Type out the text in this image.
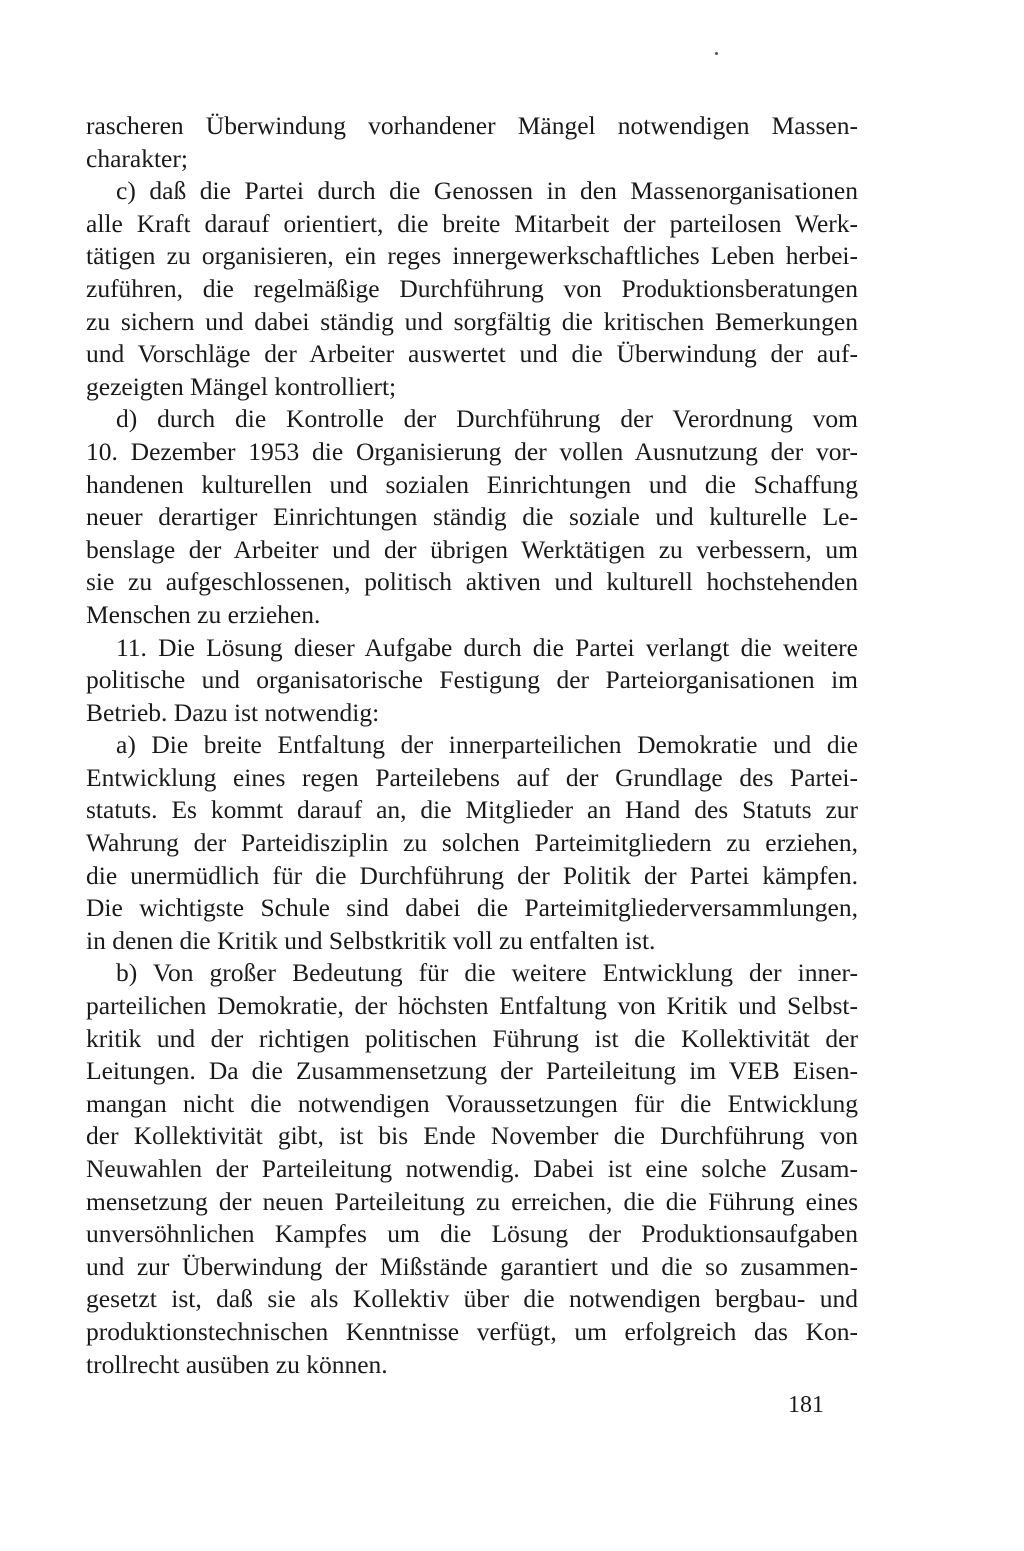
rascheren Überwindung vorhandener Mängel notwendigen Massen-
charakter;
c) daß die Partei durch die Genossen in den Massenorganisationen
alle Kraft darauf orientiert, die breite Mitarbeit der parteilosen Werk-
tätigen zu organisieren, ein reges innergewerkschaftliches Leben herbei-
zuführen, die regelmäßige Durchführung von Produktionsberatungen
zu sichern und dabei ständig und sorgfältig die kritischen Bemerkungen
und Vorschläge der Arbeiter auswertet und die Überwindung der auf-
gezeigten Mängel kontrolliert;
d) durch die Kontrolle der Durchführung der Verordnung vom
10. Dezember 1953 die Organisierung der vollen Ausnutzung der vor-
handenen kulturellen und sozialen Einrichtungen und die Schaffung
neuer derartiger Einrichtungen ständig die soziale und kulturelle Le-
benslage der Arbeiter und der übrigen Werktätigen zu verbessern, um
sie zu aufgeschlossenen, politisch aktiven und kulturell hochstehenden
Menschen zu erziehen.
11. Die Lösung dieser Aufgabe durch die Partei verlangt die weitere
politische und organisatorische Festigung der Parteiorganisationen im
Betrieb. Dazu ist notwendig:
a) Die breite Entfaltung der innerparteilichen Demokratie und die
Entwicklung eines regen Parteilebens auf der Grundlage des Partei-
statuts. Es kommt darauf an, die Mitglieder an Hand des Statuts zur
Wahrung der Parteidisziplin zu solchen Parteimitgliedern zu erziehen,
die unermüdlich für die Durchführung der Politik der Partei kämpfen.
Die wichtigste Schule sind dabei die Parteimitgliederversammlungen,
in denen die Kritik und Selbstkritik voll zu entfalten ist.
b) Von großer Bedeutung für die weitere Entwicklung der inner-
parteilichen Demokratie, der höchsten Entfaltung von Kritik und Selbst-
kritik und der richtigen politischen Führung ist die Kollektivität der
Leitungen. Da die Zusammensetzung der Parteileitung im VEB Eisen-
mangan nicht die notwendigen Voraussetzungen für die Entwicklung
der Kollektivität gibt, ist bis Ende November die Durchführung von
Neuwahlen der Parteileitung notwendig. Dabei ist eine solche Zusam-
mensetzung der neuen Parteileitung zu erreichen, die die Führung eines
unversöhnlichen Kampfes um die Lösung der Produktionsaufgaben
und zur Überwindung der Mißstände garantiert und die so zusammen-
gesetzt ist, daß sie als Kollektiv über die notwendigen bergbau- und
produktionstechnischen Kenntnisse verfügt, um erfolgreich das Kon-
trollrecht ausüben zu können.
181
